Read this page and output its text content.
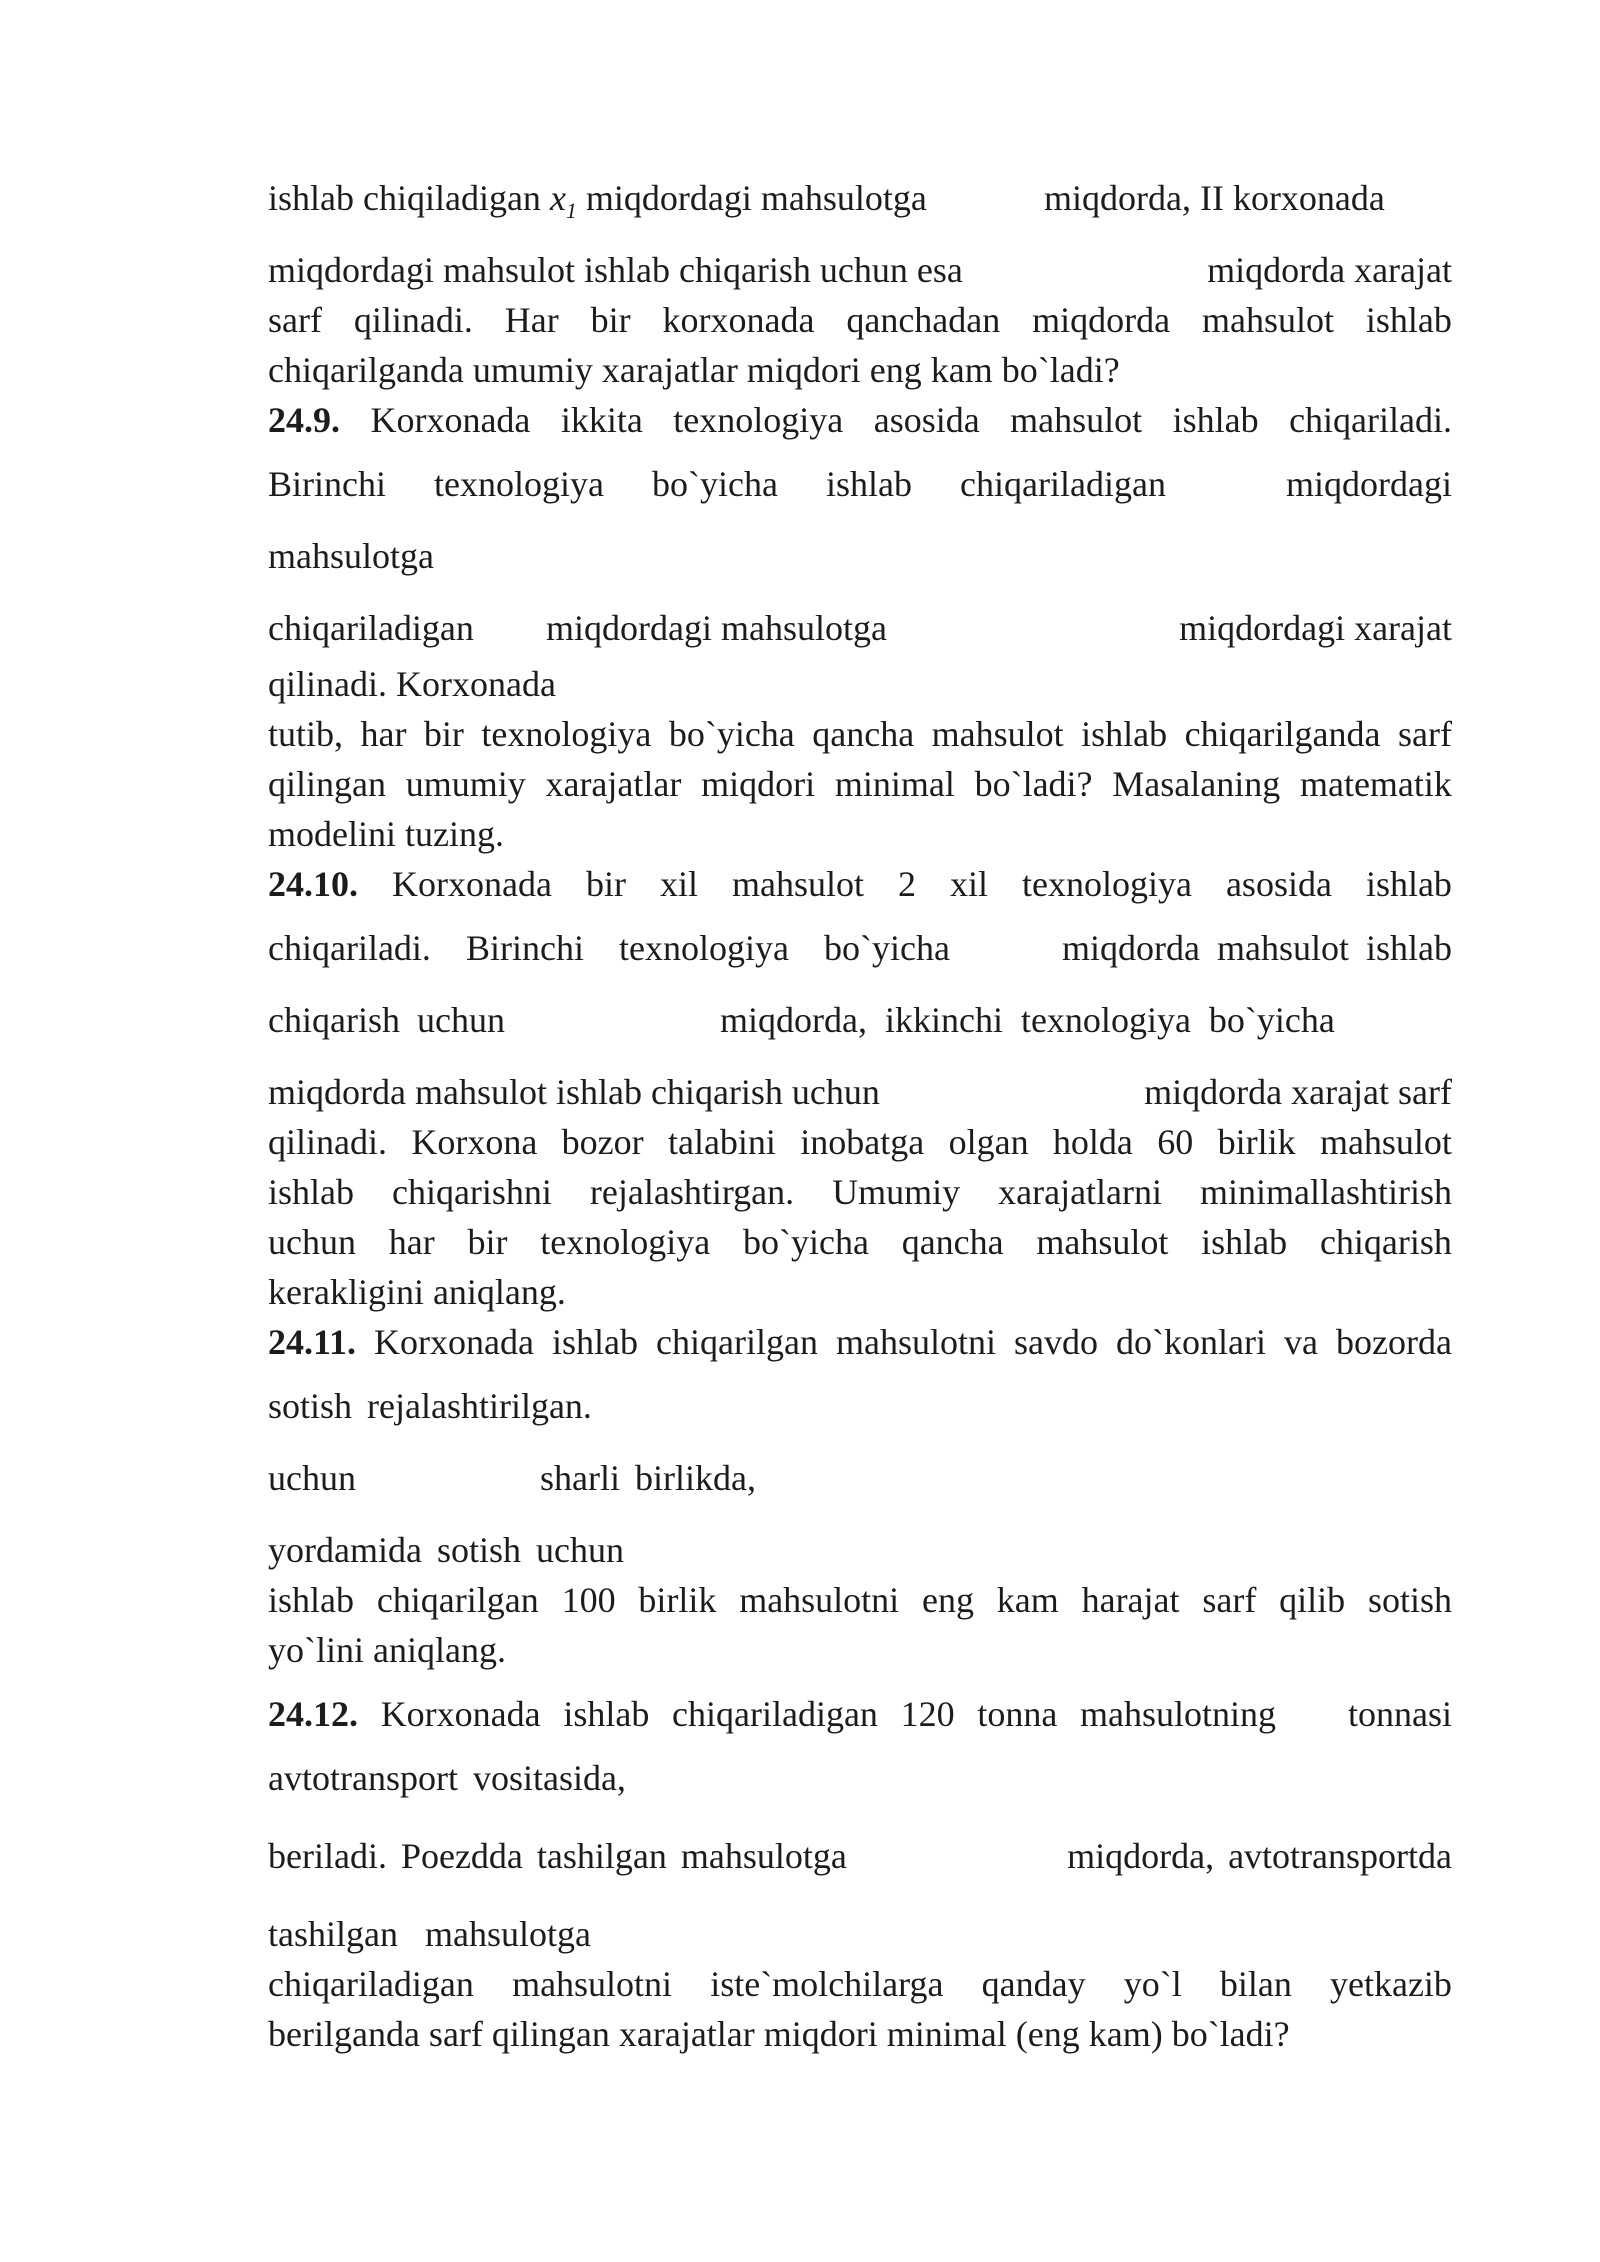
ishlab chiqiladigan $x_1$ miqdordagi mahsulotga	miqdorda, II korxonada
miqdordagi mahsulot ishlab chiqarish uchun esa	miqdorda xarajat
sarf qilinadi. Har bir korxonada qanchadan miqdorda mahsulot ishlab
chiqarilganda umumiy xarajatlar miqdori eng kam bo`ladi?
24.9. Korxonada ikkita texnologiya asosida mahsulot ishlab chiqariladi.
Birinchi texnologiya bo`yicha ishlab chiqariladigan	miqdordagi
mahsulotga
chiqariladigan miqdordagi mahsulotga	miqdordagi xarajat
qilinadi. Korxonada
tutib, har bir texnologiya bo`yicha qancha mahsulot ishlab chiqarilganda sarf
qilingan umumiy xarajatlar miqdori minimal bo`ladi? Masalaning matematik
modelini tuzing.
24.10. Korxonada bir xil mahsulot 2 xil texnologiya asosida ishlab
chiqariladi. Birinchi texnologiya bo`yicha	miqdorda mahsulot ishlab
chiqarish uchun	miqdorda,  ikkinchi  texnologiya  bo`yicha
miqdorda mahsulot ishlab chiqarish uchun	miqdorda xarajat sarf
qilinadi. Korxona bozor talabini inobatga olgan holda 60 birlik mahsulot
ishlab chiqarishni rejalashtirgan. Umumiy xarajatlarni minimallashtirish
uchun har bir texnologiya bo`yicha qancha mahsulot ishlab chiqarish
kerakligini aniqlang.
24.11. Korxonada ishlab chiqarilgan mahsulotni savdo do`konlari va bozorda
sotish rejalashtirilgan.
uchun	sharli birlikda,
yordamida sotish uchun
ishlab chiqarilgan 100 birlik mahsulotni eng kam harajat sarf qilib sotish
yo`lini aniqlang.
24.12. Korxonada ishlab chiqariladigan 120 tonna mahsulotning tonnasi
avtotransport vositasida,
beriladi. Poezdda tashilgan mahsulotga	miqdorda, avtotransportda
tashilgan mahsulotga
chiqariladigan mahsulotni iste`molchilarga qanday yo`l bilan yetkazib
berilganda sarf qilingan xarajatlar miqdori minimal (eng kam) bo`ladi?
